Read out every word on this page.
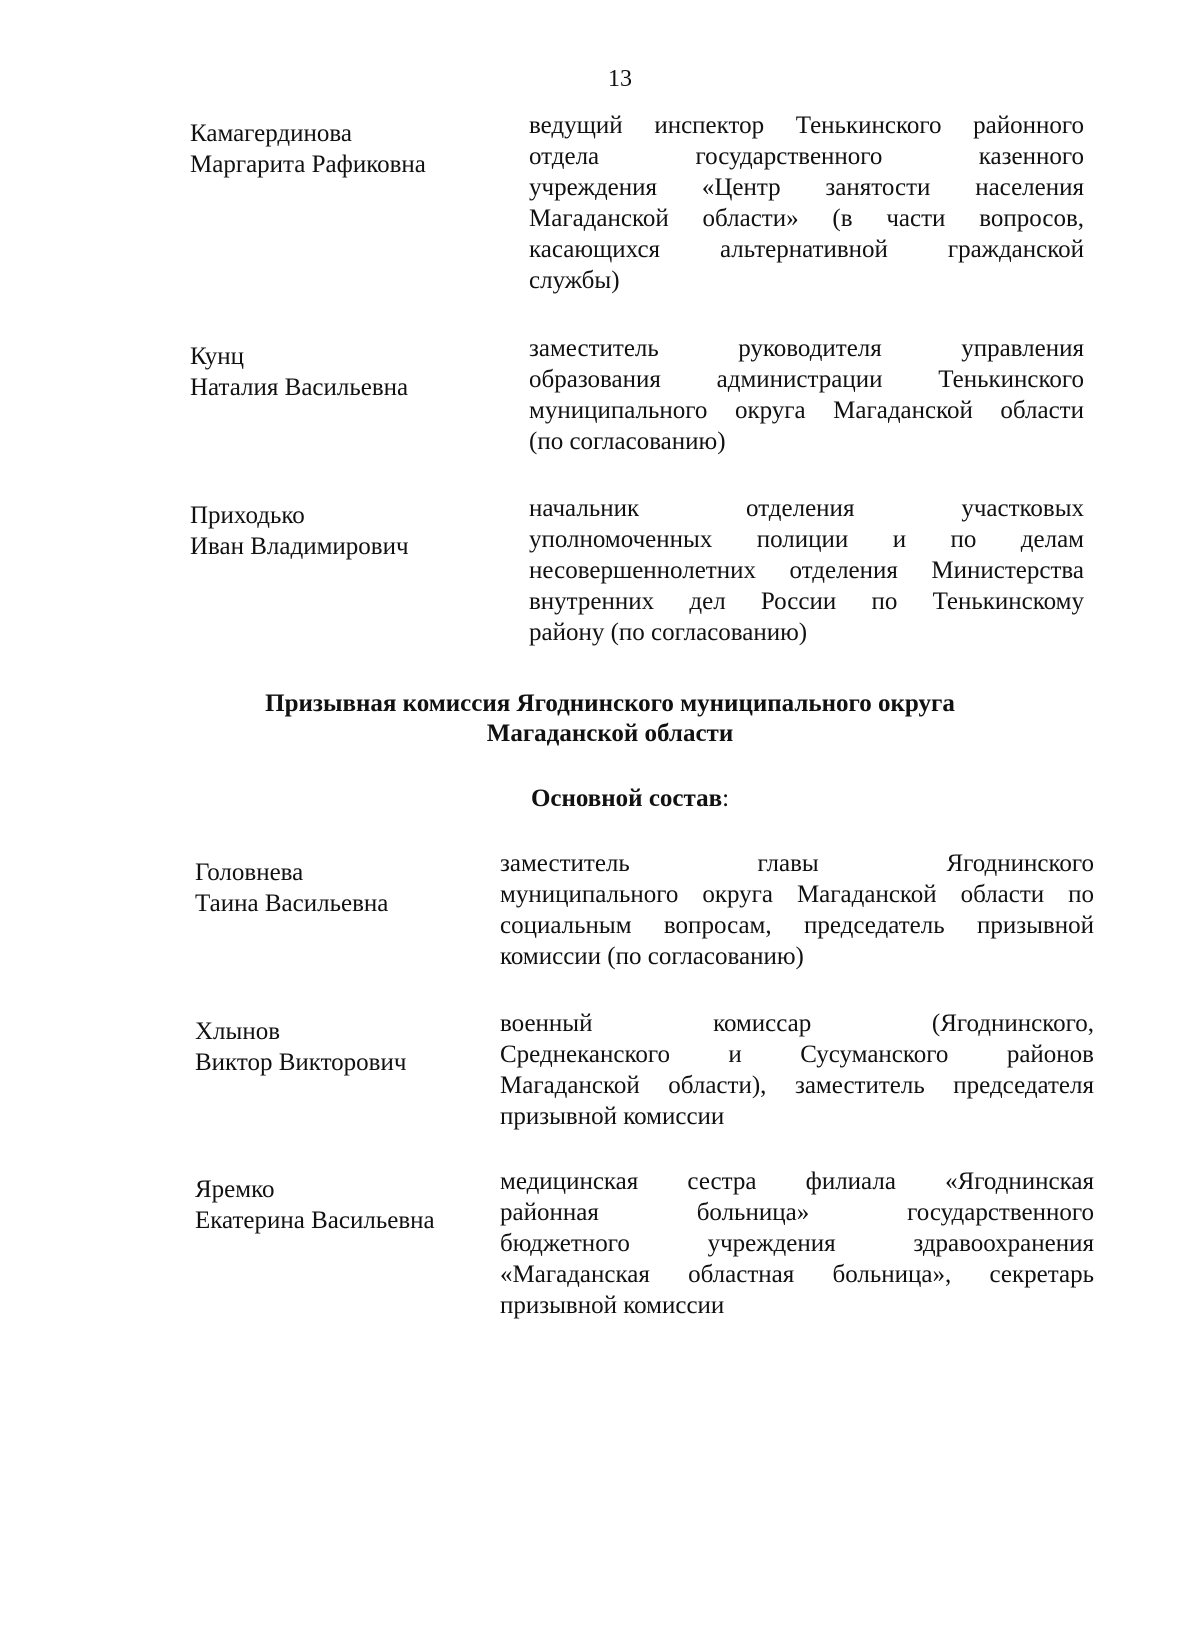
13
Камагердинова
Маргарита Рафиковна
ведущий инспектор Тенькинского районного
отдела государственного казенного
учреждения «Центр занятости населения
Магаданской области» (в части вопросов,
касающихся альтернативной гражданской
службы)
Кунц
Наталия Васильевна
заместитель руководителя управления
образования администрации Тенькинского
муниципального округа Магаданской области
(по согласованию)
Приходько
Иван Владимирович
начальник отделения участковых
уполномоченных полиции и по делам
несовершеннолетних отделения Министерства
внутренних дел России по Тенькинскому
району (по согласованию)
Призывная комиссия Ягоднинского муниципального округа
Магаданской области
Основной состав:
Головнева
Таина Васильевна
заместитель главы Ягоднинского
муниципального округа Магаданской области по
социальным вопросам, председатель призывной
комиссии (по согласованию)
Хлынов
Виктор Викторович
военный комиссар (Ягоднинского,
Среднеканского и Сусуманского районов
Магаданской области), заместитель председателя
призывной комиссии
Яремко
Екатерина Васильевна
медицинская сестра филиала «Ягоднинская
районная больница» государственного
бюджетного учреждения здравоохранения
«Магаданская областная больница», секретарь
призывной комиссии
